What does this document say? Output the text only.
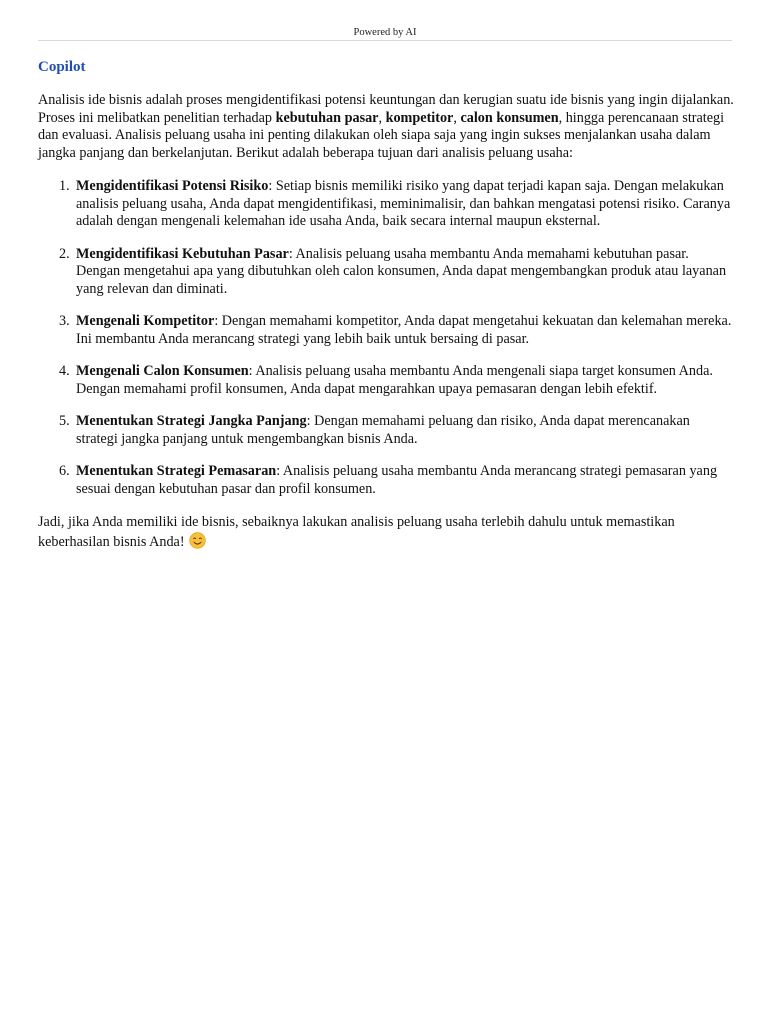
Powered by AI
Copilot

Analisis ide bisnis adalah proses mengidentifikasi potensi keuntungan dan kerugian suatu ide bisnis yang ingin dijalankan. Proses ini melibatkan penelitian terhadap kebutuhan pasar, kompetitor, calon konsumen, hingga perencanaan strategi dan evaluasi. Analisis peluang usaha ini penting dilakukan oleh siapa saja yang ingin sukses menjalankan usaha dalam jangka panjang dan berkelanjutan. Berikut adalah beberapa tujuan dari analisis peluang usaha:

1. Mengidentifikasi Potensi Risiko: Setiap bisnis memiliki risiko yang dapat terjadi kapan saja. Dengan melakukan analisis peluang usaha, Anda dapat mengidentifikasi, meminimalisir, dan bahkan mengatasi potensi risiko. Caranya adalah dengan mengenali kelemahan ide usaha Anda, baik secara internal maupun eksternal.
2. Mengidentifikasi Kebutuhan Pasar: Analisis peluang usaha membantu Anda memahami kebutuhan pasar. Dengan mengetahui apa yang dibutuhkan oleh calon konsumen, Anda dapat mengembangkan produk atau layanan yang relevan dan diminati.
3. Mengenali Kompetitor: Dengan memahami kompetitor, Anda dapat mengetahui kekuatan dan kelemahan mereka. Ini membantu Anda merancang strategi yang lebih baik untuk bersaing di pasar.
4. Mengenali Calon Konsumen: Analisis peluang usaha membantu Anda mengenali siapa target konsumen Anda. Dengan memahami profil konsumen, Anda dapat mengarahkan upaya pemasaran dengan lebih efektif.
5. Menentukan Strategi Jangka Panjang: Dengan memahami peluang dan risiko, Anda dapat merencanakan strategi jangka panjang untuk mengembangkan bisnis Anda.
6. Menentukan Strategi Pemasaran: Analisis peluang usaha membantu Anda merancang strategi pemasaran yang sesuai dengan kebutuhan pasar dan profil konsumen.

Jadi, jika Anda memiliki ide bisnis, sebaiknya lakukan analisis peluang usaha terlebih dahulu untuk memastikan keberhasilan bisnis Anda!
